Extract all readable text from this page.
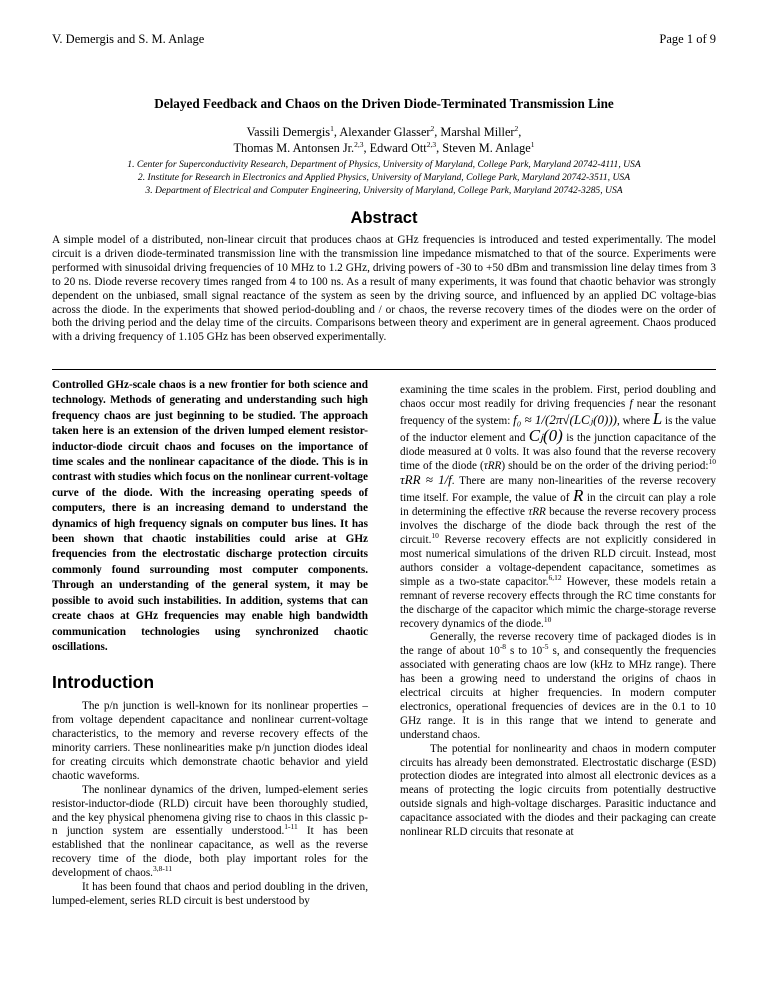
V. Demergis and S. M. Anlage	Page 1 of 9
Delayed Feedback and Chaos on the Driven Diode-Terminated Transmission Line
Vassili Demergis$^1$, Alexander Glasser$^2$, Marshal Miller$^2$,
Thomas M. Antonsen Jr.$^{2,3}$, Edward Ott$^{2,3}$, Steven M. Anlage$^1$
1. Center for Superconductivity Research, Department of Physics, University of Maryland, College Park, Maryland 20742-4111, USA
2. Institute for Research in Electronics and Applied Physics, University of Maryland, College Park, Maryland 20742-3511, USA
3. Department of Electrical and Computer Engineering, University of Maryland, College Park, Maryland 20742-3285, USA
Abstract
A simple model of a distributed, non-linear circuit that produces chaos at GHz frequencies is introduced and tested experimentally. The model circuit is a driven diode-terminated transmission line with the transmission line impedance mismatched to that of the source. Experiments were performed with sinusoidal driving frequencies of 10 MHz to 1.2 GHz, driving powers of -30 to +50 dBm and transmission line delay times from 3 to 20 ns. Diode reverse recovery times ranged from 4 to 100 ns. As a result of many experiments, it was found that chaotic behavior was strongly dependent on the unbiased, small signal reactance of the system as seen by the driving source, and influenced by an applied DC voltage-bias across the diode. In the experiments that showed period-doubling and / or chaos, the reverse recovery times of the diodes were on the order of both the driving period and the delay time of the circuits. Comparisons between theory and experiment are in general agreement. Chaos produced with a driving frequency of 1.105 GHz has been observed experimentally.

Controlled GHz-scale chaos is a new frontier for both science and technology. Methods of generating and understanding such high frequency chaos are just beginning to be studied. The approach taken here is an extension of the driven lumped element resistor-inductor-diode circuit chaos and focuses on the importance of time scales and the nonlinear capacitance of the diode. This is in contrast with studies which focus on the nonlinear current-voltage curve of the diode. With the increasing operating speeds of computers, there is an increasing demand to understand the dynamics of high frequency signals on computer bus lines. It has been shown that chaotic instabilities could arise at GHz frequencies from the electrostatic discharge protection circuits commonly found surrounding most computer components. Through an understanding of the general system, it may be possible to avoid such instabilities. In addition, systems that can create chaos at GHz frequencies may enable high bandwidth communication technologies using synchronized chaotic oscillations.

Introduction

The p/n junction is well-known for its nonlinear properties – from voltage dependent capacitance and nonlinear current-voltage characteristics, to the memory and reverse recovery effects of the minority carriers. These nonlinearities make p/n junction diodes ideal for creating circuits which demonstrate chaotic behavior and yield chaotic waveforms.

The nonlinear dynamics of the driven, lumped-element series resistor-inductor-diode (RLD) circuit have been thoroughly studied, and the key physical phenomena giving rise to chaos in this classic p-n junction system are essentially understood.$^{1-11}$ It has been established that the nonlinear capacitance, as well as the reverse recovery time of the diode, both play important roles for the development of chaos.$^{3,8-11}$

It has been found that chaos and period doubling in the driven, lumped-element, series RLD circuit is best understood by

examining the time scales in the problem. First, period doubling and chaos occur most readily for driving frequencies f near the resonant frequency of the system: f₀ ≈ 1/(2π√(LCⱼ(0))), where L is the value of the inductor element and Cⱼ(0) is the junction capacitance of the diode measured at 0 volts. It was also found that the reverse recovery time of the diode (τRR) should be on the order of the driving period:$^{10}$ τRR ≈ 1/f. There are many non-linearities of the reverse recovery time itself. For example, the value of R in the circuit can play a role in determining the effective τRR because the reverse recovery process involves the discharge of the diode back through the rest of the circuit.$^{10}$ Reverse recovery effects are not explicitly considered in most numerical simulations of the driven RLD circuit. Instead, most authors consider a voltage-dependent capacitance, sometimes as simple as a two-state capacitor.$^{6,12}$ However, these models retain a remnant of reverse recovery effects through the RC time constants for the discharge of the capacitor which mimic the charge-storage reverse recovery dynamics of the diode.$^{10}$

Generally, the reverse recovery time of packaged diodes is in the range of about $10^{-8}$ s to $10^{-5}$ s, and consequently the frequencies associated with generating chaos are low (kHz to MHz range). There has been a growing need to understand the origins of chaos in electrical circuits at higher frequencies. In modern computer electronics, operational frequencies of devices are in the 0.1 to 10 GHz range. It is in this range that we intend to generate and understand chaos.

The potential for nonlinearity and chaos in modern computer circuits has already been demonstrated. Electrostatic discharge (ESD) protection diodes are integrated into almost all electronic devices as a means of protecting the logic circuits from potentially destructive outside signals and high-voltage discharges. Parasitic inductance and capacitance associated with the diodes and their packaging can create nonlinear RLD circuits that resonate at
